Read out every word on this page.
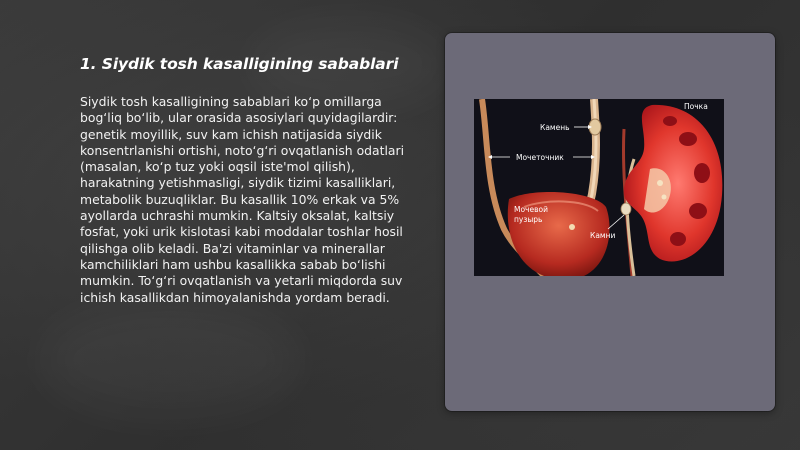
1. Siydik tosh kasalligining sabablari

Siydik tosh kasalligining sabablari ko‘p omillarga bog‘liq bo‘lib, ular orasida asosiylari quyidagilardir: genetik moyillik, suv kam ichish natijasida siydik konsentrlanishi ortishi, noto‘g‘ri ovqatlanish odatlari (masalan, ko‘p tuz yoki oqsil iste'mol qilish), harakatning yetishmasligi, siydik tizimi kasalliklari, metabolik buzuqliklar. Bu kasallik 10% erkak va 5% ayollarda uchrashi mumkin. Kaltsiy oksalat, kaltsiy fosfat, yoki urik kislotasi kabi moddalar toshlar hosil qilishga olib keladi. Ba'zi vitaminlar va minerallar kamchiliklari ham ushbu kasallikka sabab bo‘lishi mumkin. To‘g‘ri ovqatlanish va yetarli miqdorda suv ichish kasallikdan himoyalanishda yordam beradi.

Почка
Камень
Мочеточник
Мочевой
пузырь
Камни
